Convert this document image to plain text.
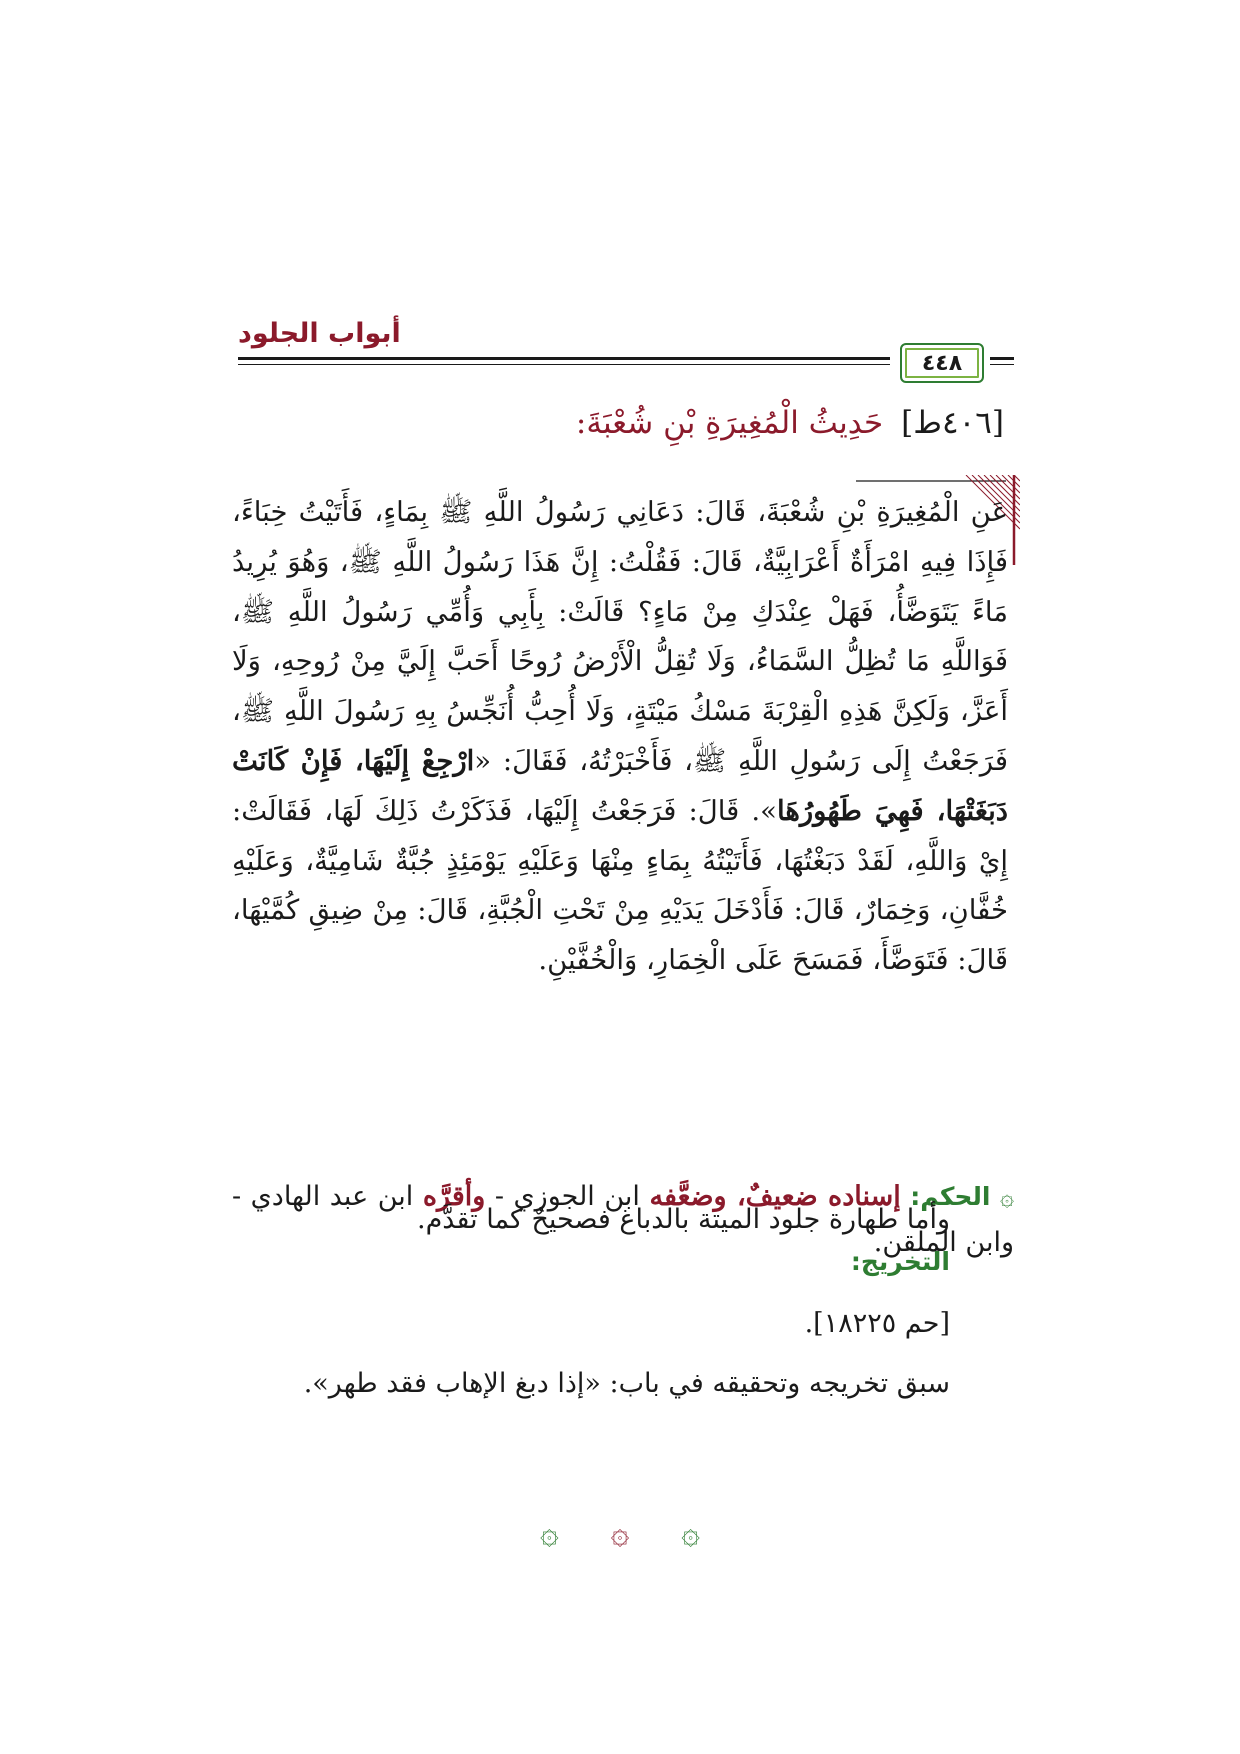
أبواب الجلود
٤٤٨
[٤٠٦ط]
حَدِيثُ الْمُغِيرَةِ بْنِ شُعْبَةَ:
عَنِ الْمُغِيرَةِ بْنِ شُعْبَةَ، قَالَ: دَعَانِي رَسُولُ اللَّهِ ﷺ بِمَاءٍ، فَأَتَيْتُ خِبَاءً، فَإِذَا فِيهِ امْرَأَةٌ أَعْرَابِيَّةٌ، قَالَ: فَقُلْتُ: إِنَّ هَذَا رَسُولُ اللَّهِ ﷺ، وَهُوَ يُرِيدُ مَاءً يَتَوَضَّأُ، فَهَلْ عِنْدَكِ مِنْ مَاءٍ؟ قَالَتْ: بِأَبِي وَأُمِّي رَسُولُ اللَّهِ ﷺ، فَوَاللَّهِ مَا تُظِلُّ السَّمَاءُ، وَلَا تُقِلُّ الْأَرْضُ رُوحًا أَحَبَّ إِلَيَّ مِنْ رُوحِهِ، وَلَا أَعَزَّ، وَلَكِنَّ هَذِهِ الْقِرْبَةَ مَسْكُ مَيْتَةٍ، وَلَا أُحِبُّ أُنَجِّسُ بِهِ رَسُولَ اللَّهِ ﷺ، فَرَجَعْتُ إِلَى رَسُولِ اللَّهِ ﷺ، فَأَخْبَرْتُهُ، فَقَالَ: «ارْجِعْ إِلَيْهَا، فَإِنْ كَانَتْ دَبَغَتْهَا، فَهِيَ طَهُورُهَا». قَالَ: فَرَجَعْتُ إِلَيْهَا، فَذَكَرْتُ ذَلِكَ لَهَا، فَقَالَتْ: إِيْ وَاللَّهِ، لَقَدْ دَبَغْتُهَا، فَأَتَيْتُهُ بِمَاءٍ مِنْهَا وَعَلَيْهِ يَوْمَئِذٍ جُبَّةٌ شَامِيَّةٌ، وَعَلَيْهِ خُفَّانِ، وَخِمَارٌ، قَالَ: فَأَدْخَلَ يَدَيْهِ مِنْ تَحْتِ الْجُبَّةِ، قَالَ: مِنْ ضِيقِ كُمَّيْهَا، قَالَ: فَتَوَضَّأَ، فَمَسَحَ عَلَى الْخِمَارِ، وَالْخُفَّيْنِ.
۞ الحكم: إسناده ضعيفٌ، وضعَّفه ابن الجوزي - وأقرَّه ابن عبد الهادي - وابن الملقن.
وأما طهارة جلود الميتة بالدباغ فصحيحٌ كما تقدَّم.
التخريج:
[حم ١٨٢٢٥].
سبق تخريجه وتحقيقه في باب: «إذا دبغ الإهاب فقد طهر».
۞ ۞ ۞
